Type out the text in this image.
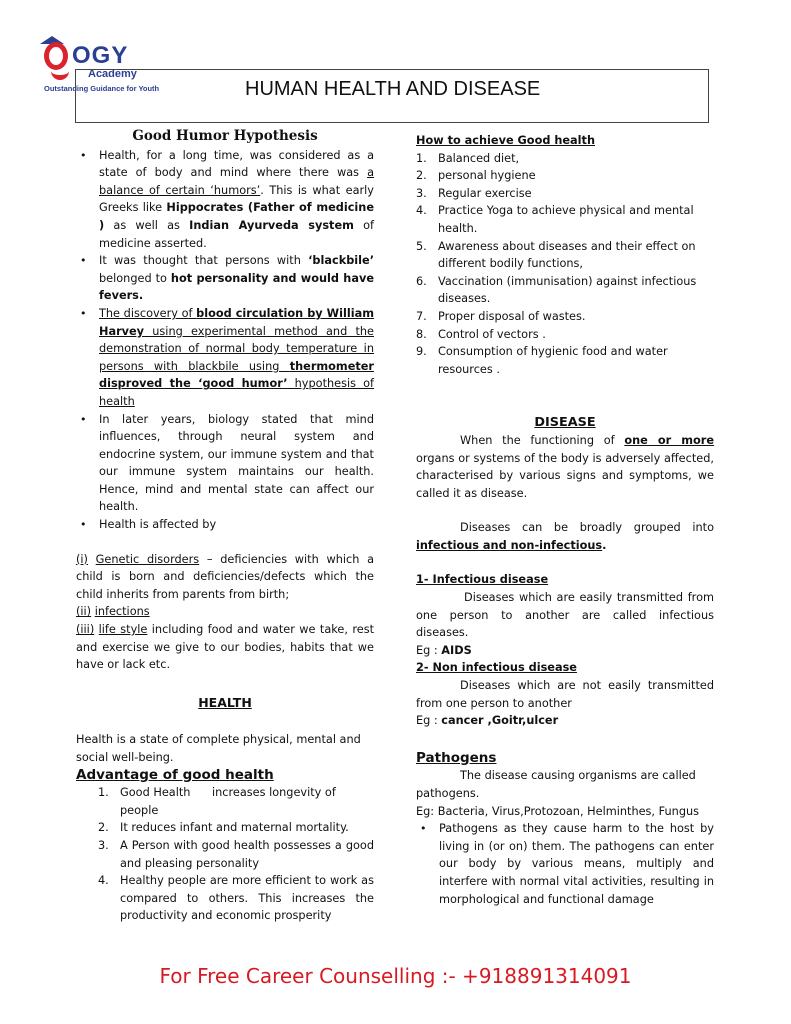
OGY
Academy
Outstanding Guidance for Youth	HUMAN HEALTH AND DISEASE
Good Humor Hypothesis
• Health, for a long time, was considered as a state of body and mind where there was a balance of certain ‘humors’. This is what early Greeks like Hippocrates (Father of medicine ) as well as Indian Ayurveda system of medicine asserted.
• It was thought that persons with ‘blackbile’ belonged to hot personality and would have fevers.
• The discovery of blood circulation by William Harvey using experimental method and the demonstration of normal body temperature in persons with blackbile using thermometer disproved the ‘good humor’ hypothesis of health
• In later years, biology stated that mind influences, through neural system and endocrine system, our immune system and that our immune system maintains our health. Hence, mind and mental state can affect our health.
• Health is affected by
(i) Genetic disorders – deficiencies with which a child is born and deficiencies/defects which the child inherits from parents from birth;
(ii) infections
(iii) life style including food and water we take, rest and exercise we give to our bodies, habits that we have or lack etc.
HEALTH
Health is a state of complete physical, mental and social well-being.
Advantage of good health
1. Good Health      increases longevity of people
2. It reduces infant and maternal mortality.
3. A Person with good health possesses a good and pleasing personality
4. Healthy people are more efficient to work as compared to others. This increases the productivity and economic prosperity
How to achieve Good health
1. Balanced diet,
2. personal hygiene
3. Regular exercise
4. Practice Yoga to achieve physical and mental health.
5. Awareness about diseases and their effect on different bodily functions,
6. Vaccination (immunisation) against infectious diseases.
7. Proper disposal of wastes.
8. Control of vectors .
9. Consumption of hygienic food and water resources .
DISEASE
When the functioning of one or more organs or systems of the body is adversely affected, characterised by various signs and symptoms, we called it as disease.
Diseases can be broadly grouped into infectious and non-infectious.
1- Infectious disease
Diseases which are easily transmitted from one person to another are called infectious diseases.
Eg : AIDS
2- Non infectious disease
Diseases which are not easily transmitted from one person to another
Eg : cancer ,Goitr,ulcer
Pathogens
The disease causing organisms are called pathogens.
Eg: Bacteria, Virus,Protozoan, Helminthes, Fungus
• Pathogens as they cause harm to the host by living in (or on) them. The pathogens can enter our body by various means, multiply and interfere with normal vital activities, resulting in morphological and functional damage
For Free Career Counselling :- +918891314091
